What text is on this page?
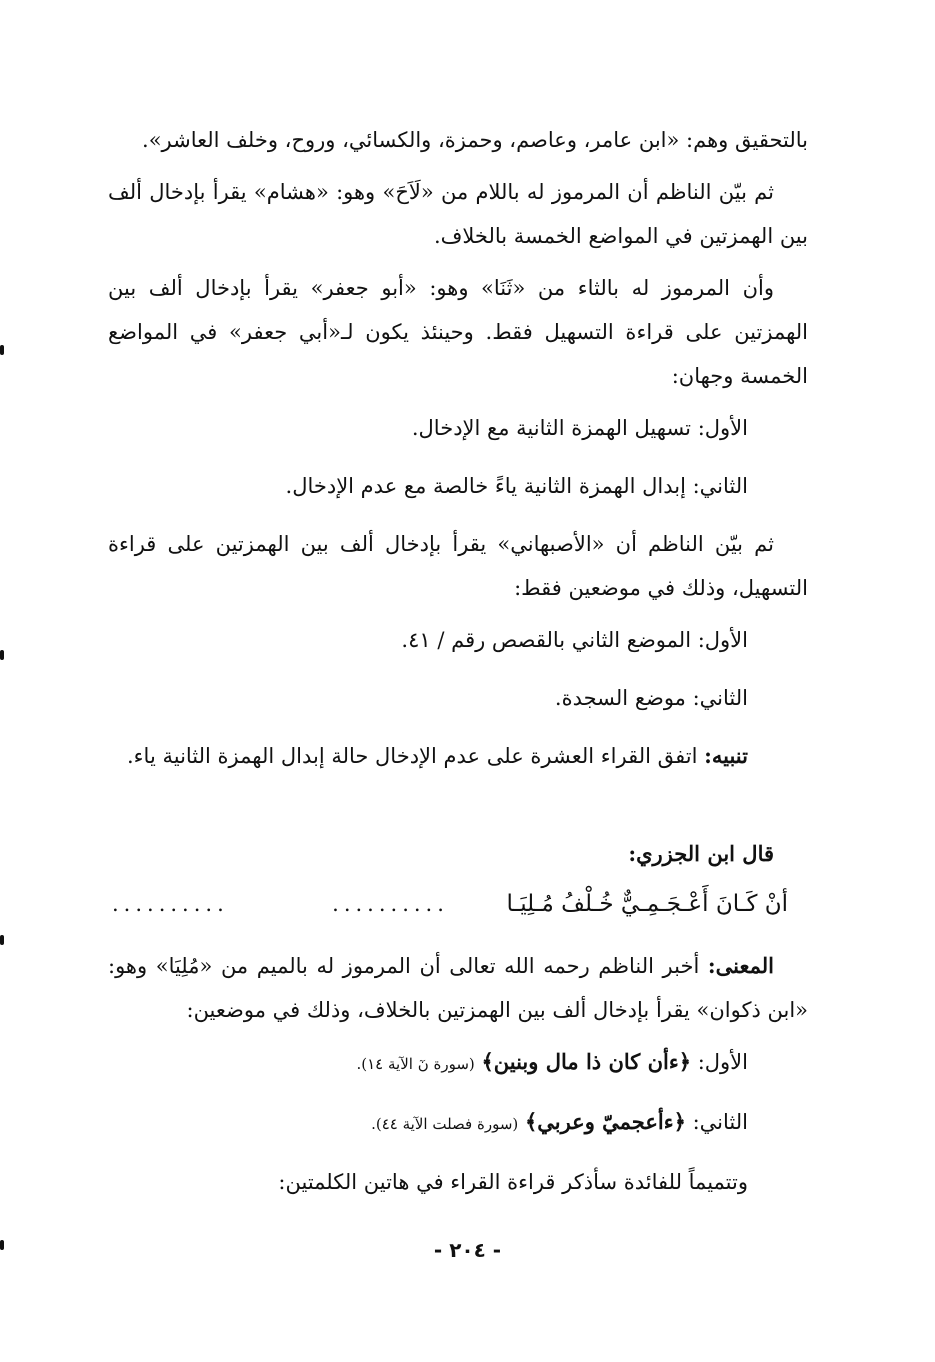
بالتحقيق وهم: «ابن عامر، وعاصم، وحمزة، والكسائي، وروح، وخلف العاشر».

ثم بيّن الناظم أن المرموز له باللام من «لَاَحَ» وهو: «هشام» يقرأ بإدخال ألف بين الهمزتين في المواضع الخمسة بالخلاف.

وأن المرموز له بالثاء من «ثَنَا» وهو: «أبو جعفر» يقرأ بإدخال ألف بين الهمزتين على قراءة التسهيل فقط. وحينئذ يكون لـ«أبي جعفر» في المواضع الخمسة وجهان:

الأول: تسهيل الهمزة الثانية مع الإدخال.

الثاني: إبدال الهمزة الثانية ياءً خالصة مع عدم الإدخال.

ثم بيّن الناظم أن «الأصبهاني» يقرأ بإدخال ألف بين الهمزتين على قراءة التسهيل، وذلك في موضعين فقط:

الأول: الموضع الثاني بالقصص رقم / ٤١.

الثاني: موضع السجدة.

تنبيه: اتفق القراء العشرة على عدم الإدخال حالة إبدال الهمزة الثانية ياء.

قال ابن الجزري:

أنْ كَـانَ أَعْـجَـمِـيٌّ خُـلْفُ مُـلِيَـا
..........	..........

المعنى: أخبر الناظم رحمه الله تعالى أن المرموز له بالميم من «مُلِيَا» وهو: «ابن ذكوان» يقرأ بإدخال ألف بين الهمزتين بالخلاف، وذلك في موضعين:

الأول: ﴿ءأن كان ذا مال وبنين﴾ (سورة نٓ الآية ١٤).

الثاني: ﴿ءأعجميّ وعربي﴾ (سورة فصلت الآية ٤٤).

وتتميماً للفائدة سأذكر قراءة القراء في هاتين الكلمتين:

- ٢٠٤ -
